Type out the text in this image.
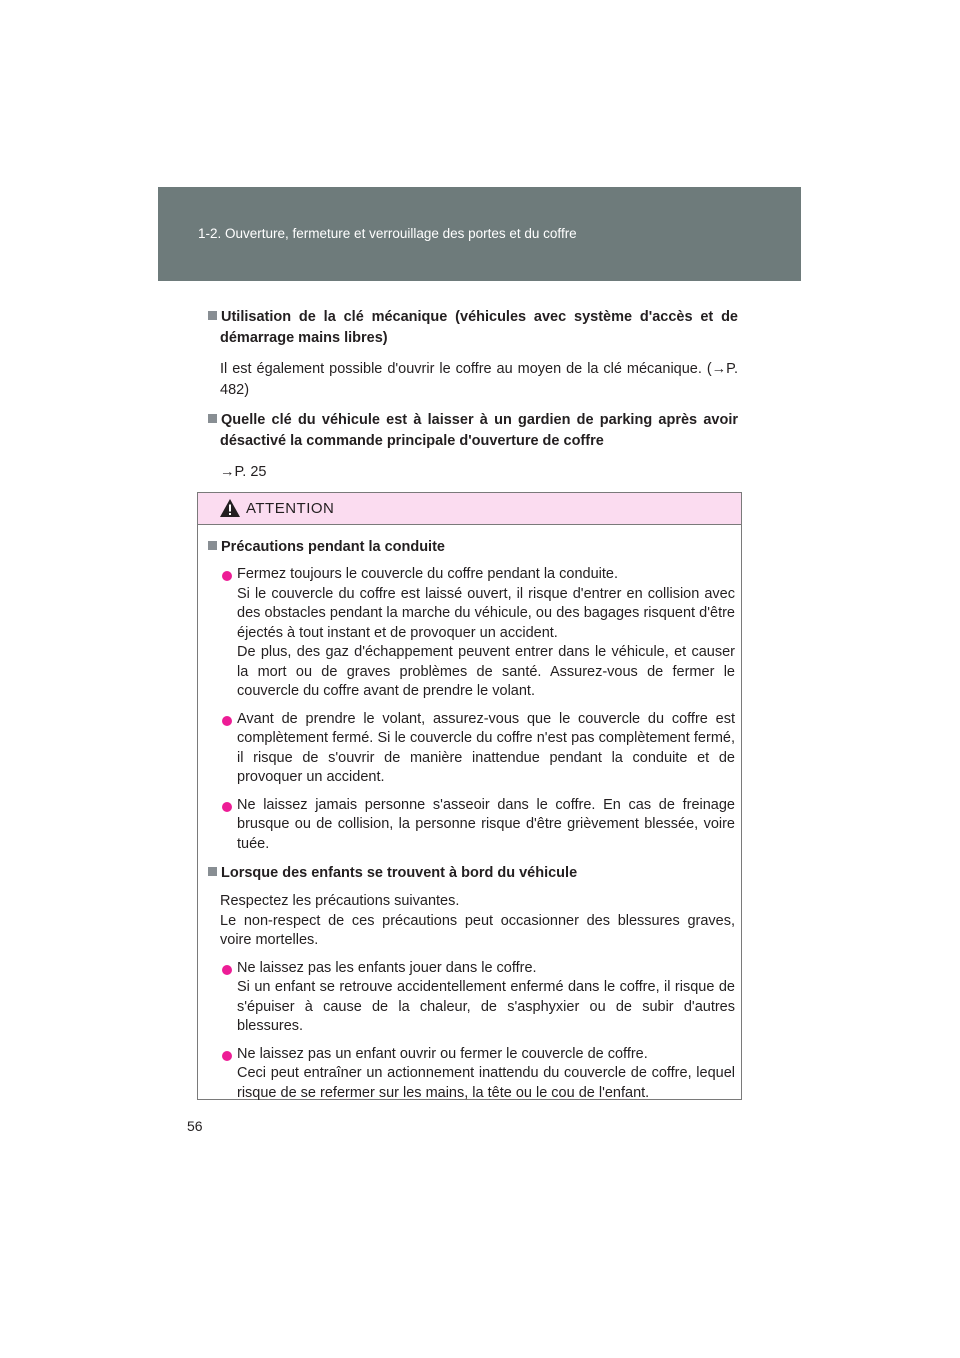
1-2. Ouverture, fermeture et verrouillage des portes et du coffre
Utilisation de la clé mécanique (véhicules avec système d'accès et de démarrage mains libres)
Il est également possible d'ouvrir le coffre au moyen de la clé mécanique. (→P. 482)
Quelle clé du véhicule est à laisser à un gardien de parking après avoir désactivé la commande principale d'ouverture de coffre
→P. 25
ATTENTION
Précautions pendant la conduite
Fermez toujours le couvercle du coffre pendant la conduite.
Si le couvercle du coffre est laissé ouvert, il risque d'entrer en collision avec des obstacles pendant la marche du véhicule, ou des bagages risquent d'être éjectés à tout instant et de provoquer un accident.
De plus, des gaz d'échappement peuvent entrer dans le véhicule, et causer la mort ou de graves problèmes de santé. Assurez-vous de fermer le couvercle du coffre avant de prendre le volant.
Avant de prendre le volant, assurez-vous que le couvercle du coffre est complètement fermé. Si le couvercle du coffre n'est pas complètement fermé, il risque de s'ouvrir de manière inattendue pendant la conduite et de provoquer un accident.
Ne laissez jamais personne s'asseoir dans le coffre. En cas de freinage brusque ou de collision, la personne risque d'être grièvement blessée, voire tuée.
Lorsque des enfants se trouvent à bord du véhicule
Respectez les précautions suivantes.
Le non-respect de ces précautions peut occasionner des blessures graves, voire mortelles.
Ne laissez pas les enfants jouer dans le coffre.
Si un enfant se retrouve accidentellement enfermé dans le coffre, il risque de s'épuiser à cause de la chaleur, de s'asphyxier ou de subir d'autres blessures.
Ne laissez pas un enfant ouvrir ou fermer le couvercle de coffre.
Ceci peut entraîner un actionnement inattendu du couvercle de coffre, lequel risque de se refermer sur les mains, la tête ou le cou de l'enfant.
56
